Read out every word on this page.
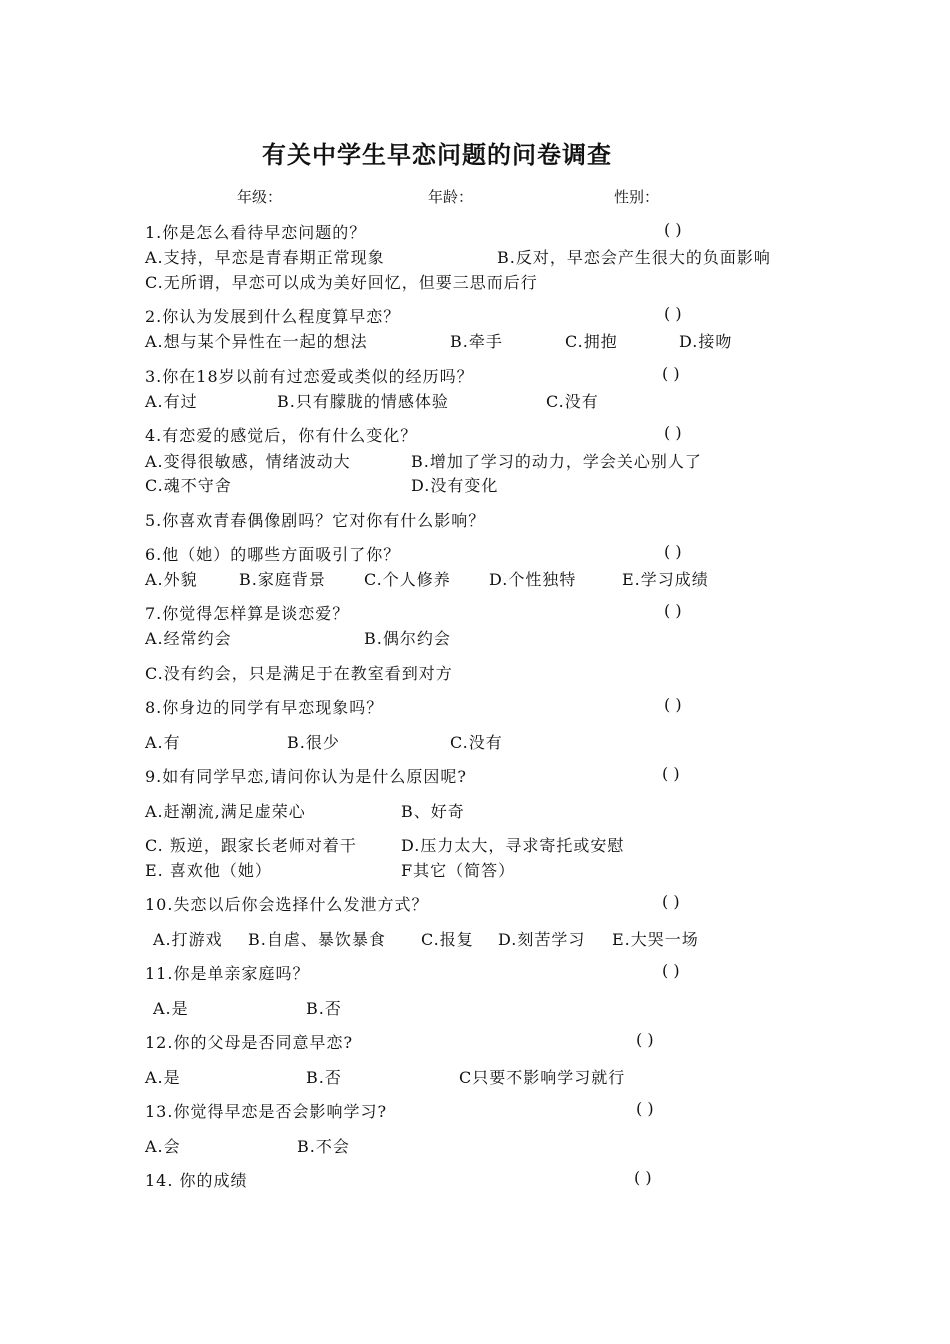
有关中学生早恋问题的问卷调查
年级：	年龄：	性别：
1.你是怎么看待早恋问题的？	( )
A.支持，早恋是青春期正常现象	B.反对，早恋会产生很大的负面影响
C.无所谓，早恋可以成为美好回忆，但要三思而后行
2.你认为发展到什么程度算早恋？	( )
A.想与某个异性在一起的想法	B.牵手	C.拥抱	D.接吻
3.你在18岁以前有过恋爱或类似的经历吗？	( )
A.有过	B.只有朦胧的情感体验	C.没有
4.有恋爱的感觉后，你有什么变化？	( )
A.变得很敏感，情绪波动大	B.增加了学习的动力，学会关心别人了
C.魂不守舍	D.没有变化
5.你喜欢青春偶像剧吗？它对你有什么影响？
6.他（她）的哪些方面吸引了你？	( )
A.外貌	B.家庭背景 C.个人修养 D.个性独特	E.学习成绩
7.你觉得怎样算是谈恋爱？	( )
A.经常约会	B.偶尔约会
C.没有约会，只是满足于在教室看到对方
8.你身边的同学有早恋现象吗？	( )
A.有	B.很少	C.没有
9.如有同学早恋,请问你认为是什么原因呢?	( )
A.赶潮流,满足虚荣心	B、好奇
C. 叛逆，跟家长老师对着干	D.压力太大，寻求寄托或安慰
E. 喜欢他（她）	F其它（简答）
10.失恋以后你会选择什么发泄方式？	( )
A.打游戏 B.自虐、暴饮暴食 C.报复 D.刻苦学习 E.大哭一场
11.你是单亲家庭吗？	( )
A.是	B.否
12.你的父母是否同意早恋?	( )
A.是	B.否	C只要不影响学习就行
13.你觉得早恋是否会影响学习?	( )
A.会	B.不会
14. 你的成绩	( )
